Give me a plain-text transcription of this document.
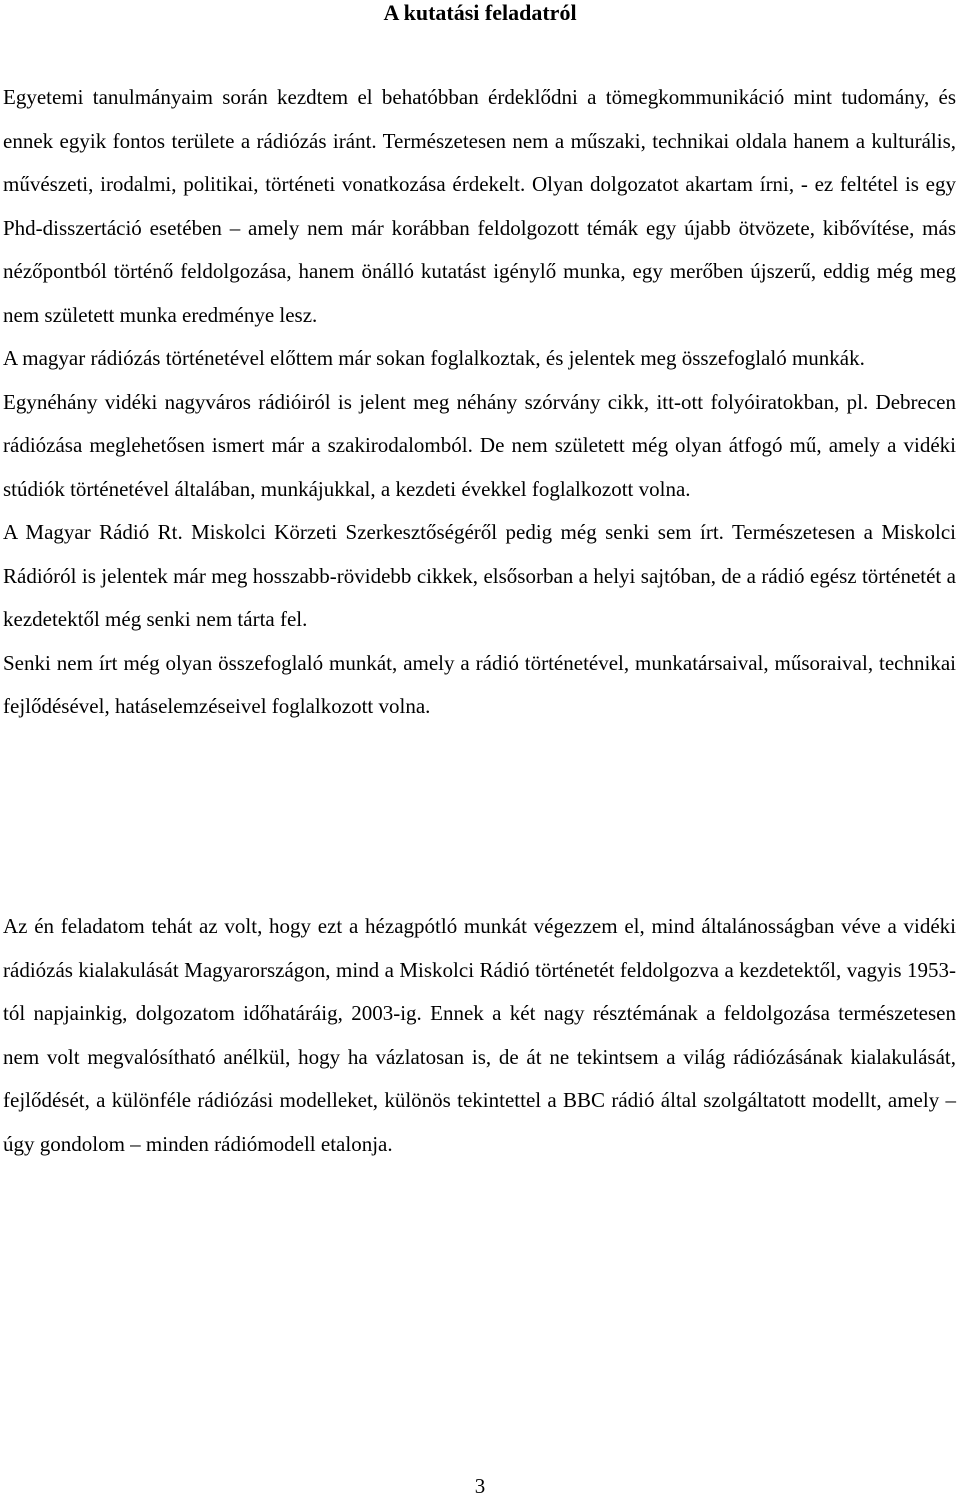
A kutatási feladatról

Egyetemi tanulmányaim során kezdtem el behatóbban érdeklődni a tömegkommunikáció mint tudomány, és ennek egyik fontos területe a rádiózás iránt. Természetesen nem a műszaki, technikai oldala hanem a kulturális, művészeti, irodalmi, politikai, történeti vonatkozása érdekelt. Olyan dolgozatot akartam írni, - ez feltétel is egy Phd-disszertáció esetében – amely nem már korábban feldolgozott témák egy újabb ötvözete, kibővítése, más nézőpontból történő feldolgozása, hanem önálló kutatást igénylő munka, egy merőben újszerű, eddig még meg nem született munka eredménye lesz.

A magyar rádiózás történetével előttem már sokan foglalkoztak, és jelentek meg összefoglaló munkák.

Egynéhány vidéki nagyváros rádióiról is jelent meg néhány szórvány cikk, itt-ott folyóiratokban, pl. Debrecen rádiózása meglehetősen ismert már a szakirodalomból. De nem született még olyan átfogó mű, amely a vidéki stúdiók történetével általában, munkájukkal, a kezdeti évekkel foglalkozott volna.

A Magyar Rádió Rt. Miskolci Körzeti Szerkesztőségéről pedig még senki sem írt. Természetesen a Miskolci Rádióról is jelentek már meg hosszabb-rövidebb cikkek, elsősorban a helyi sajtóban, de a rádió egész történetét a kezdetektől még senki nem tárta fel.

Senki nem írt még olyan összefoglaló munkát, amely a rádió történetével, munkatársaival, műsoraival, technikai fejlődésével, hatáselemzéseivel foglalkozott volna.

Az én feladatom tehát az volt, hogy ezt a hézagpótló munkát végezzem el, mind általánosságban véve a vidéki rádiózás kialakulását Magyarországon, mind a Miskolci Rádió történetét feldolgozva a kezdetektől, vagyis 1953-tól napjainkig, dolgozatom időhatáráig, 2003-ig. Ennek a két nagy résztémának a feldolgozása természetesen nem volt megvalósítható anélkül, hogy ha vázlatosan is, de át ne tekintsem a világ rádiózásának kialakulását, fejlődését, a különféle rádiózási modelleket, különös tekintettel a BBC rádió által szolgáltatott modellt, amely – úgy gondolom – minden rádiómodell etalonja.

3
